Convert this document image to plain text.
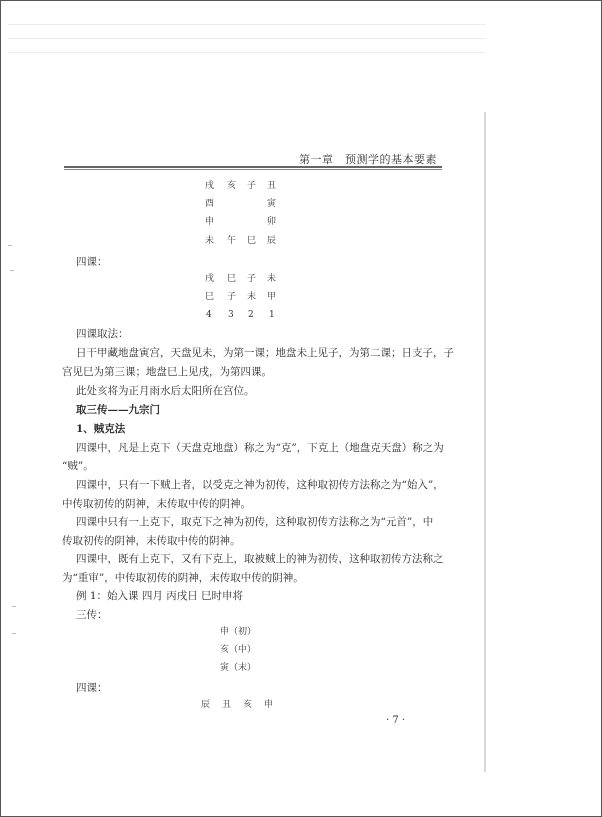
第一章　预测学的基本要素
戌 亥 子 丑
酉	寅
申	卯
未 午 巳 辰
四课：
戌 巳 子 未
巳 子 未 甲
4 3 2 1
四课取法：
日干甲藏地盘寅宫，天盘见未，为第一课；地盘未上见子，为第二课；日支子，子
宫见巳为第三课；地盘巳上见戌，为第四课。
此处亥将为正月雨水后太阳所在宫位。
取三传——九宗门
1、贼克法
四课中，凡是上克下（天盘克地盘）称之为“克”，下克上（地盘克天盘）称之为
“贼”。
四课中，只有一下贼上者，以受克之神为初传，这种取初传方法称之为“始入”，
中传取初传的阴神，末传取中传的阴神。
四课中只有一上克下，取克下之神为初传，这种取初传方法称之为“元首”，中
传取初传的阴神，末传取中传的阴神。
四课中，既有上克下，又有下克上，取被贼上的神为初传，这种取初传方法称之
为“重审”，中传取初传的阴神，末传取中传的阴神。
例 1：始入课 四月 丙戌日 巳时申将
三传：
申（初）
亥（中）
寅（末）
四课：
辰 丑 亥 申
· 7 ·
